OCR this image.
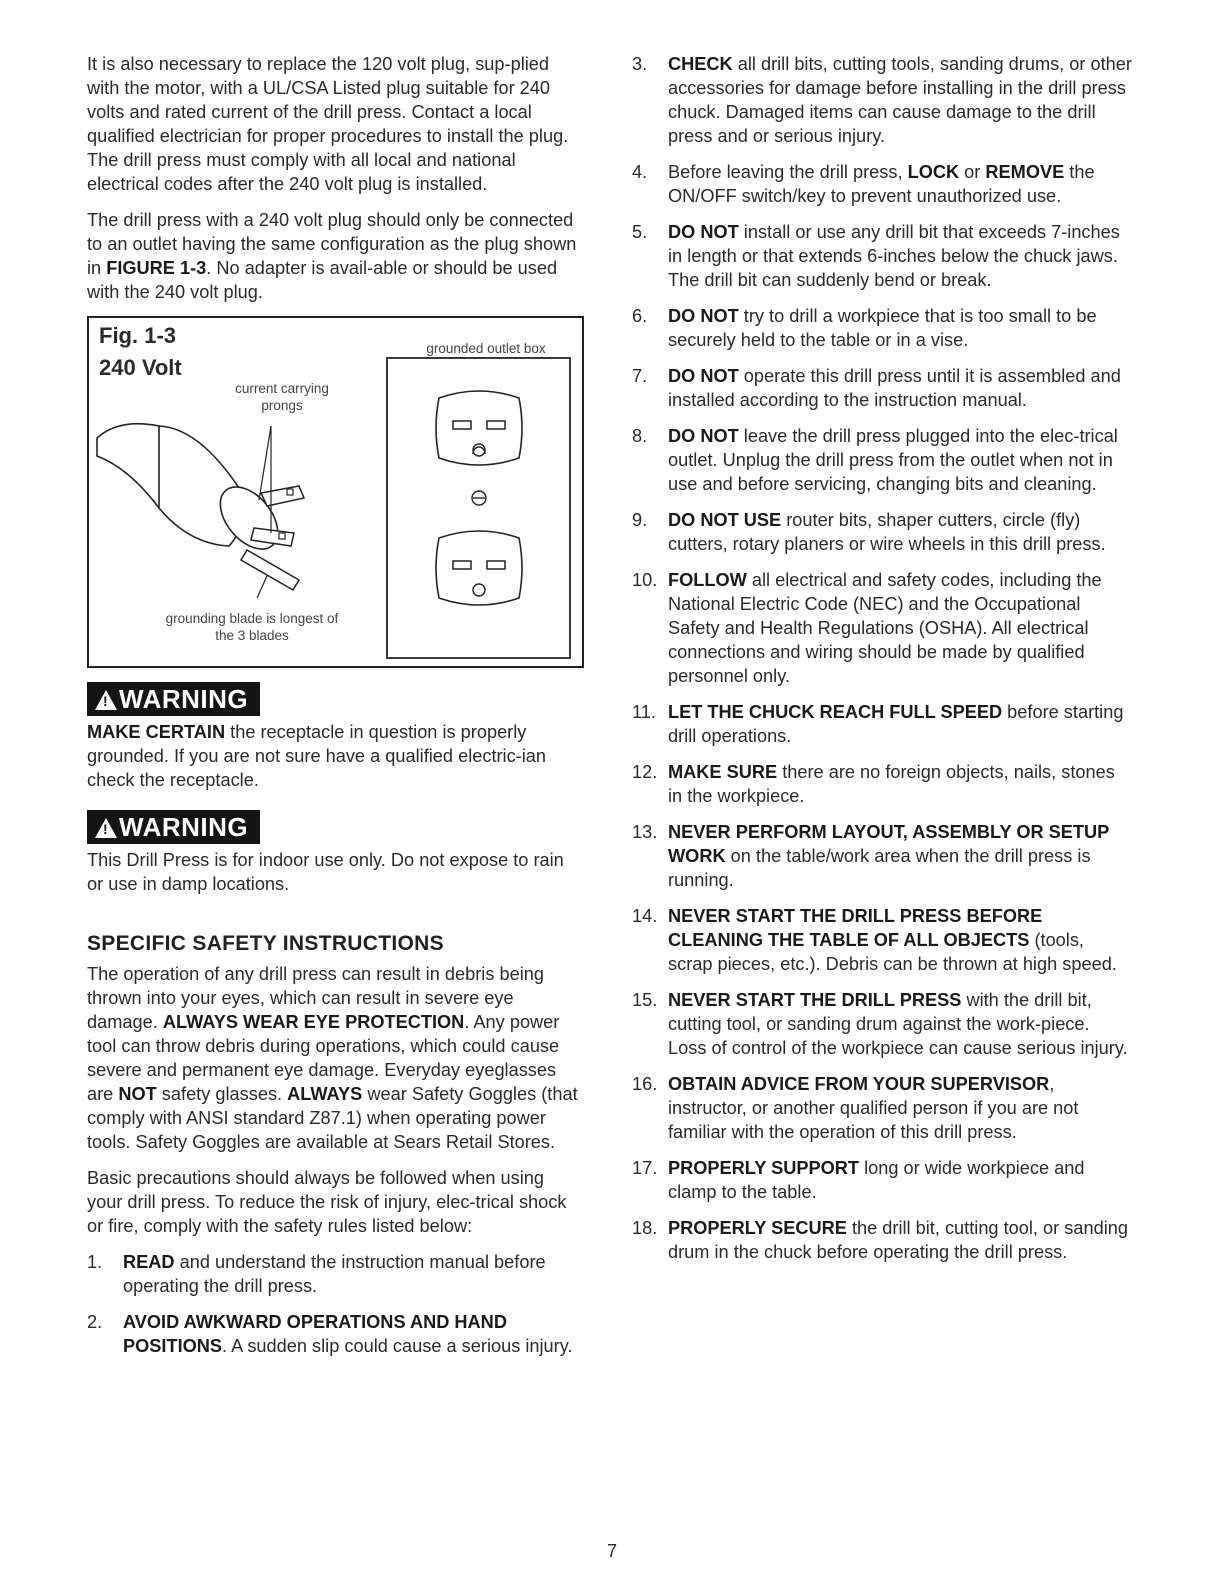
It is also necessary to replace the 120 volt plug, sup-plied with the motor, with a UL/CSA Listed plug suitable for 240 volts and rated current of the drill press. Contact a local qualified electrician for proper procedures to install the plug. The drill press must comply with all local and national electrical codes after the 240 volt plug is installed.

The drill press with a 240 volt plug should only be connected to an outlet having the same configuration as the plug shown in FIGURE 1-3. No adapter is avail-able or should be used with the 240 volt plug.

Fig. 1-3
240 Volt
grounded outlet box
current carrying prongs
grounding blade is longest of the 3 blades
! WARNING

MAKE CERTAIN the receptacle in question is properly grounded. If you are not sure have a qualified electric-ian check the receptacle.

! WARNING

This Drill Press is for indoor use only. Do not expose to rain or use in damp locations.

SPECIFIC SAFETY INSTRUCTIONS

The operation of any drill press can result in debris being thrown into your eyes, which can result in severe eye damage. ALWAYS WEAR EYE PROTECTION. Any power tool can throw debris during operations, which could cause severe and permanent eye damage. Everyday eyeglasses are NOT safety glasses. ALWAYS wear Safety Goggles (that comply with ANSI standard Z87.1) when operating power tools. Safety Goggles are available at Sears Retail Stores.

Basic precautions should always be followed when using your drill press. To reduce the risk of injury, elec-trical shock or fire, comply with the safety rules listed below:

1.	READ and understand the instruction manual before operating the drill press.
2.	AVOID AWKWARD OPERATIONS AND HAND POSITIONS. A sudden slip could cause a serious injury.
3.	CHECK all drill bits, cutting tools, sanding drums, or other accessories for damage before installing in the drill press chuck. Damaged items can cause damage to the drill press and or serious injury.
4.	Before leaving the drill press, LOCK or REMOVE the ON/OFF switch/key to prevent unauthorized use.
5.	DO NOT install or use any drill bit that exceeds 7-inches in length or that extends 6-inches below the chuck jaws. The drill bit can suddenly bend or break.
6.	DO NOT try to drill a workpiece that is too small to be securely held to the table or in a vise.
7.	DO NOT operate this drill press until it is assembled and installed according to the instruction manual.
8.	DO NOT leave the drill press plugged into the elec-trical outlet. Unplug the drill press from the outlet when not in use and before servicing, changing bits and cleaning.
9.	DO NOT USE router bits, shaper cutters, circle (fly) cutters, rotary planers or wire wheels in this drill press.
10. FOLLOW all electrical and safety codes, including the National Electric Code (NEC) and the Occupational Safety and Health Regulations (OSHA). All electrical connections and wiring should be made by qualified personnel only.
11. LET THE CHUCK REACH FULL SPEED before starting drill operations.
12. MAKE SURE there are no foreign objects, nails, stones in the workpiece.
13. NEVER PERFORM LAYOUT, ASSEMBLY OR SETUP WORK on the table/work area when the drill press is running.
14. NEVER START THE DRILL PRESS BEFORE CLEANING THE TABLE OF ALL OBJECTS (tools, scrap pieces, etc.). Debris can be thrown at high speed.
15. NEVER START THE DRILL PRESS with the drill bit, cutting tool, or sanding drum against the work-piece. Loss of control of the workpiece can cause serious injury.
16. OBTAIN ADVICE FROM YOUR SUPERVISOR, instructor, or another qualified person if you are not familiar with the operation of this drill press.
17. PROPERLY SUPPORT long or wide workpiece and clamp to the table.
18. PROPERLY SECURE the drill bit, cutting tool, or sanding drum in the chuck before operating the drill press.
7
